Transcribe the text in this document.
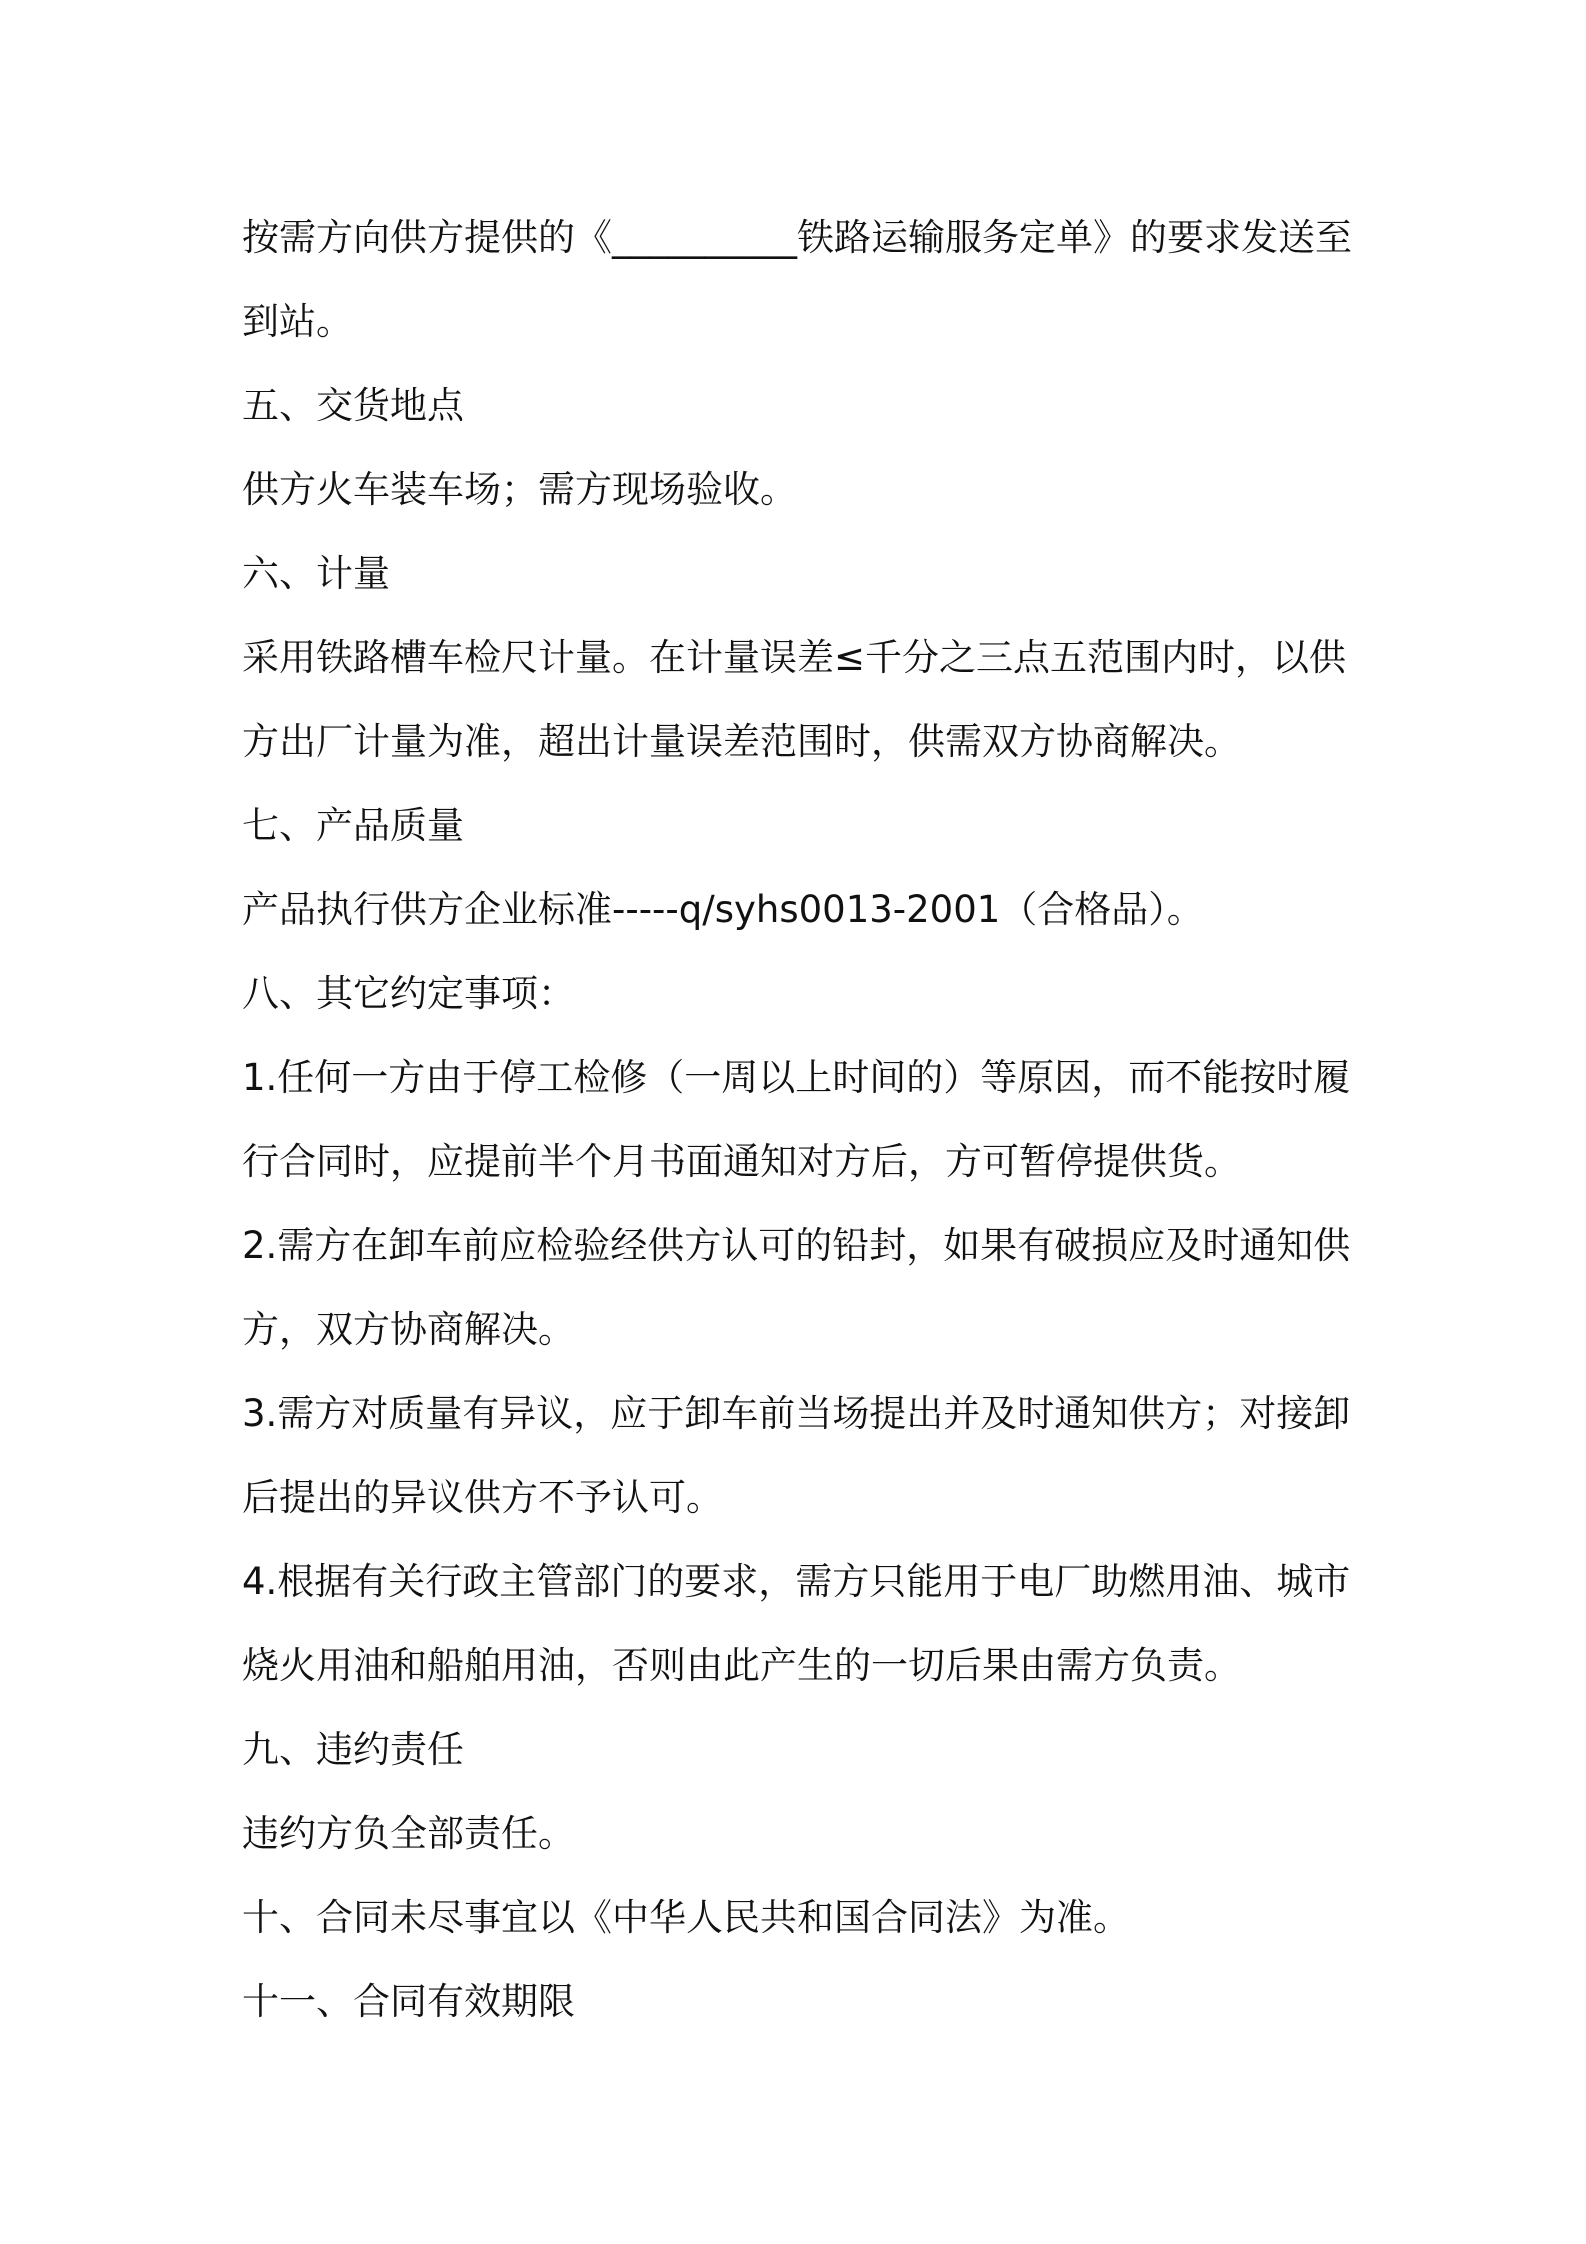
按需方向供方提供的《__________铁路运输服务定单》的要求发送至
到站。
五、交货地点
供方火车装车场；需方现场验收。
六、计量
采用铁路槽车检尺计量。在计量误差≤千分之三点五范围内时，以供
方出厂计量为准，超出计量误差范围时，供需双方协商解决。
七、产品质量
产品执行供方企业标准-----q/syhs0013-2001（合格品）。
八、其它约定事项：
1.任何一方由于停工检修（一周以上时间的）等原因，而不能按时履
行合同时，应提前半个月书面通知对方后，方可暂停提供货。
2.需方在卸车前应检验经供方认可的铅封，如果有破损应及时通知供
方，双方协商解决。
3.需方对质量有异议，应于卸车前当场提出并及时通知供方；对接卸
后提出的异议供方不予认可。
4.根据有关行政主管部门的要求，需方只能用于电厂助燃用油、城市
烧火用油和船舶用油，否则由此产生的一切后果由需方负责。
九、违约责任
违约方负全部责任。
十、合同未尽事宜以《中华人民共和国合同法》为准。
十一、合同有效期限
